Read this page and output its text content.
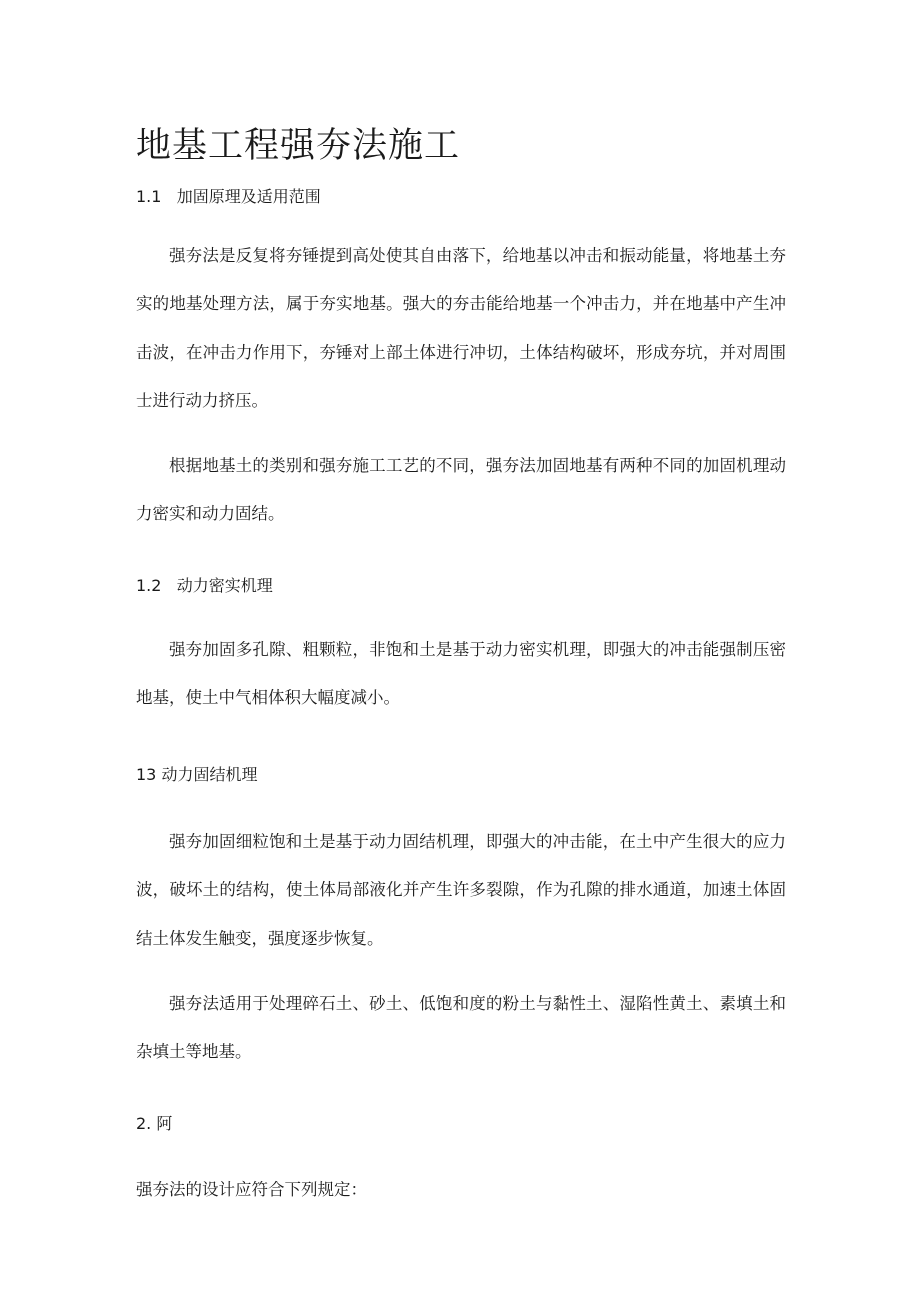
地基工程强夯法施工

1.1   加固原理及适用范围

强夯法是反复将夯锤提到高处使其自由落下，给地基以冲击和振动能量，将地基土夯实的地基处理方法，属于夯实地基。强大的夯击能给地基一个冲击力，并在地基中产生冲击波，在冲击力作用下，夯锤对上部土体进行冲切，土体结构破坏，形成夯坑，并对周围士进行动力挤压。

根据地基土的类别和强夯施工工艺的不同，强夯法加固地基有两种不同的加固机理动力密实和动力固结。

1.2   动力密实机理

强夯加固多孔隙、粗颗粒，非饱和土是基于动力密实机理，即强大的冲击能强制压密地基，使土中气相体积大幅度减小。

13 动力固结机理

强夯加固细粒饱和土是基于动力固结机理，即强大的冲击能，在土中产生很大的应力波，破坏土的结构，使土体局部液化并产生许多裂隙，作为孔隙的排水通道，加速土体固结土体发生触变，强度逐步恢复。

强夯法适用于处理碎石土、砂土、低饱和度的粉土与黏性土、湿陷性黄土、素填土和杂填土等地基。

2. 阿

强夯法的设计应符合下列规定：
